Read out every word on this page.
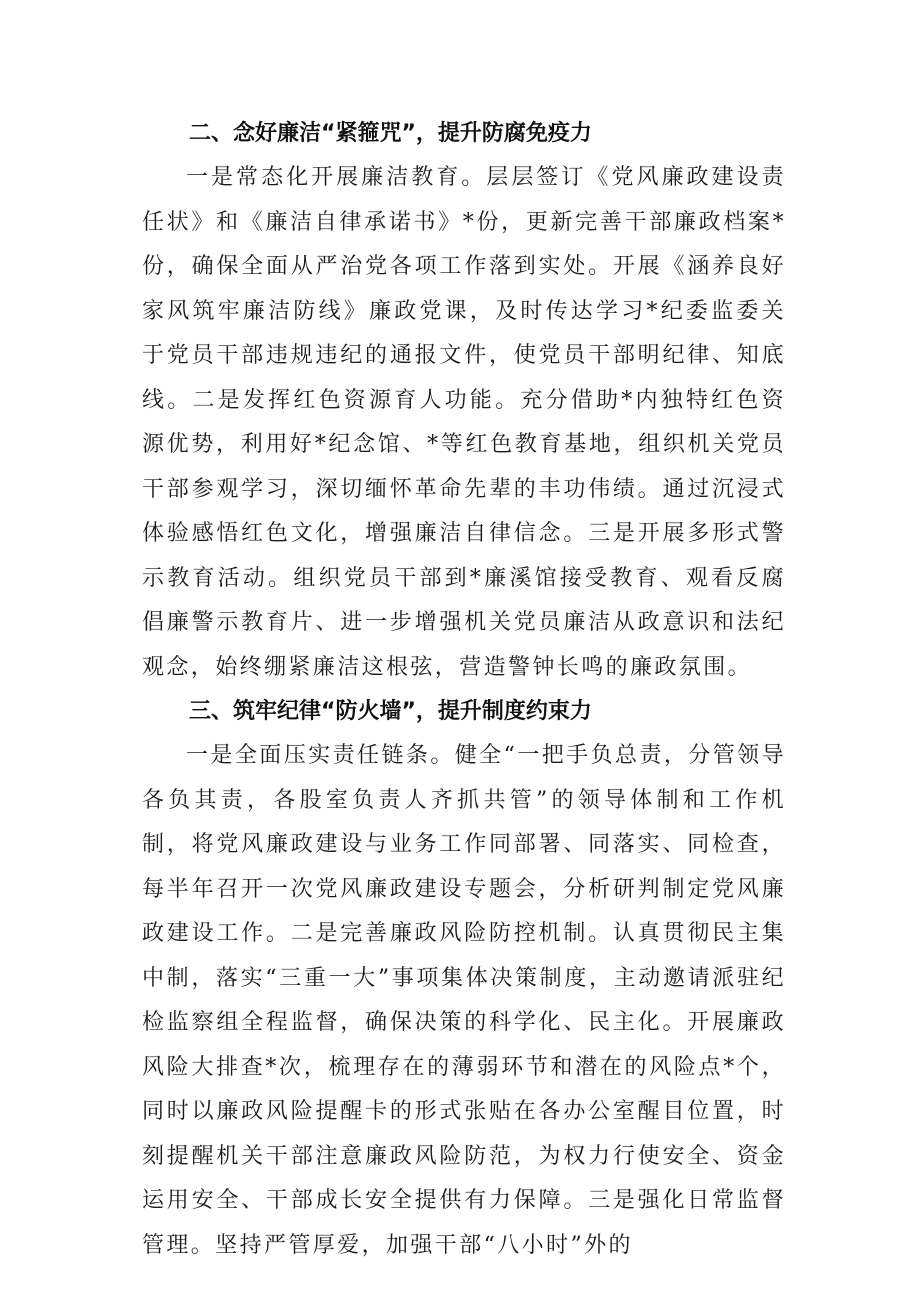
二、念好廉洁“紧箍咒”，提升防腐免疫力

一是常态化开展廉洁教育。层层签订《党风廉政建设责任状》和《廉洁自律承诺书》*份，更新完善干部廉政档案*份，确保全面从严治党各项工作落到实处。开展《涵养良好家风筑牢廉洁防线》廉政党课，及时传达学习*纪委监委关于党员干部违规违纪的通报文件，使党员干部明纪律、知底线。二是发挥红色资源育人功能。充分借助*内独特红色资源优势，利用好*纪念馆、*等红色教育基地，组织机关党员干部参观学习，深切缅怀革命先辈的丰功伟绩。通过沉浸式体验感悟红色文化，增强廉洁自律信念。三是开展多形式警示教育活动。组织党员干部到*廉溪馆接受教育、观看反腐倡廉警示教育片、进一步增强机关党员廉洁从政意识和法纪观念，始终绷紧廉洁这根弦，营造警钟长鸣的廉政氛围。

三、筑牢纪律“防火墙”，提升制度约束力

一是全面压实责任链条。健全“一把手负总责，分管领导各负其责，各股室负责人齐抓共管”的领导体制和工作机制，将党风廉政建设与业务工作同部署、同落实、同检查，每半年召开一次党风廉政建设专题会，分析研判制定党风廉政建设工作。二是完善廉政风险防控机制。认真贯彻民主集中制，落实“三重一大”事项集体决策制度，主动邀请派驻纪检监察组全程监督，确保决策的科学化、民主化。开展廉政风险大排查*次，梳理存在的薄弱环节和潜在的风险点*个，同时以廉政风险提醒卡的形式张贴在各办公室醒目位置，时刻提醒机关干部注意廉政风险防范，为权力行使安全、资金运用安全、干部成长安全提供有力保障。三是强化日常监督管理。坚持严管厚爱，加强干部“八小时”外的
